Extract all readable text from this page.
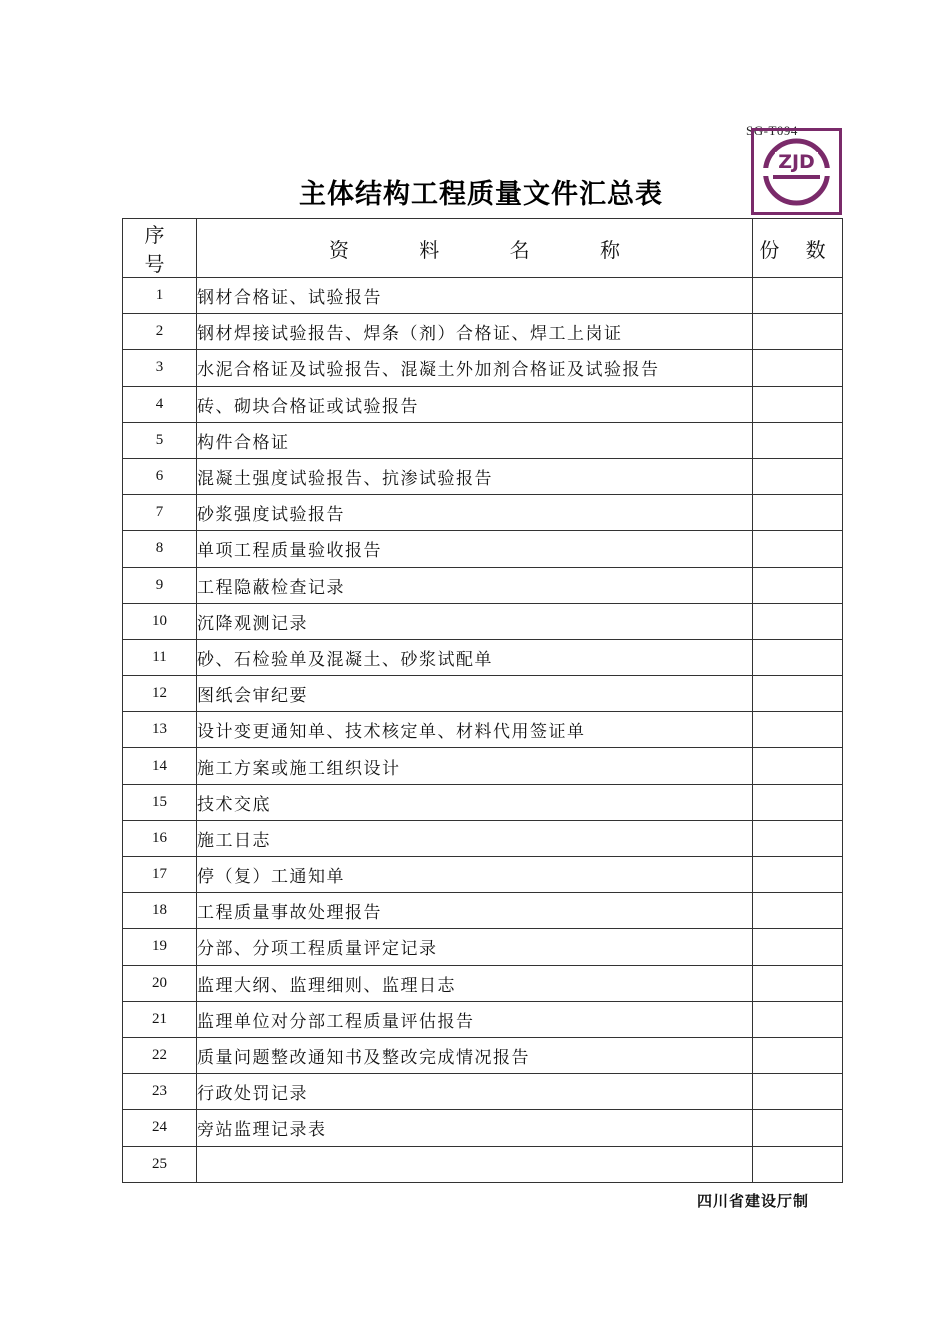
SG-T094
ZJD
主体结构工程质量文件汇总表
序 号	资 料 名 称	份 数
1	钢材合格证、试验报告	
2	钢材焊接试验报告、焊条（剂）合格证、焊工上岗证	
3	水泥合格证及试验报告、混凝土外加剂合格证及试验报告	
4	砖、砌块合格证或试验报告	
5	构件合格证	
6	混凝土强度试验报告、抗渗试验报告	
7	砂浆强度试验报告	
8	单项工程质量验收报告	
9	工程隐蔽检查记录	
10	沉降观测记录	
11	砂、石检验单及混凝土、砂浆试配单	
12	图纸会审纪要	
13	设计变更通知单、技术核定单、材料代用签证单	
14	施工方案或施工组织设计	
15	技术交底	
16	施工日志	
17	停（复）工通知单	
18	工程质量事故处理报告	
19	分部、分项工程质量评定记录	
20	监理大纲、监理细则、监理日志	
21	监理单位对分部工程质量评估报告	
22	质量问题整改通知书及整改完成情况报告	
23	行政处罚记录	
24	旁站监理记录表	
25		
四川省建设厅制
